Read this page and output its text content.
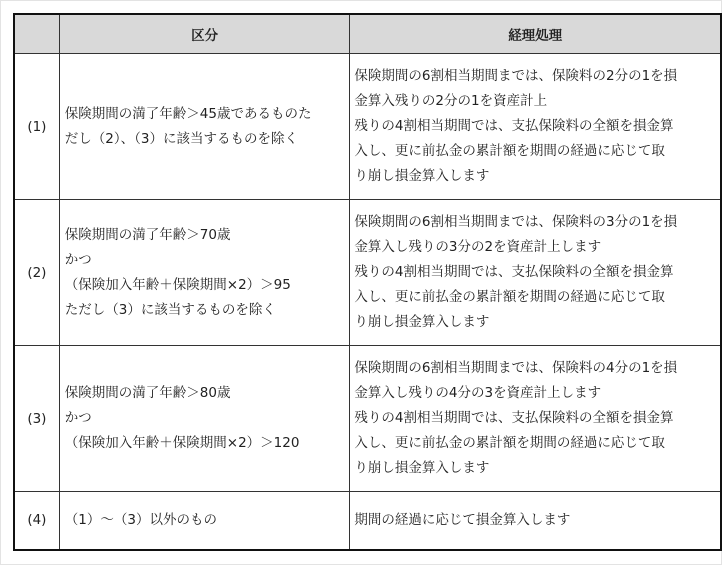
	区分	経理処理
(1)	保険期間の満了年齢＞45歳であるものた
だし（2）、（3）に該当するものを除く	保険期間の6割相当期間までは、保険料の2分の1を損
金算入残りの2分の1を資産計上
残りの4割相当期間では、支払保険料の全額を損金算
入し、更に前払金の累計額を期間の経過に応じて取
り崩し損金算入します

(2)	保険期間の満了年齢＞70歳
かつ
（保険加入年齢＋保険期間×2）＞95
ただし（3）に該当するものを除く	保険期間の6割相当期間までは、保険料の3分の1を損
金算入し残りの3分の2を資産計上します
残りの4割相当期間では、支払保険料の全額を損金算
入し、更に前払金の累計額を期間の経過に応じて取
り崩し損金算入します

(3)	保険期間の満了年齢＞80歳
かつ
（保険加入年齢＋保険期間×2）＞120	保険期間の6割相当期間までは、保険料の4分の1を損
金算入し残りの4分の3を資産計上します
残りの4割相当期間では、支払保険料の全額を損金算
入し、更に前払金の累計額を期間の経過に応じて取
り崩し損金算入します

(4)	（1）～（3）以外のもの	期間の経過に応じて損金算入します
